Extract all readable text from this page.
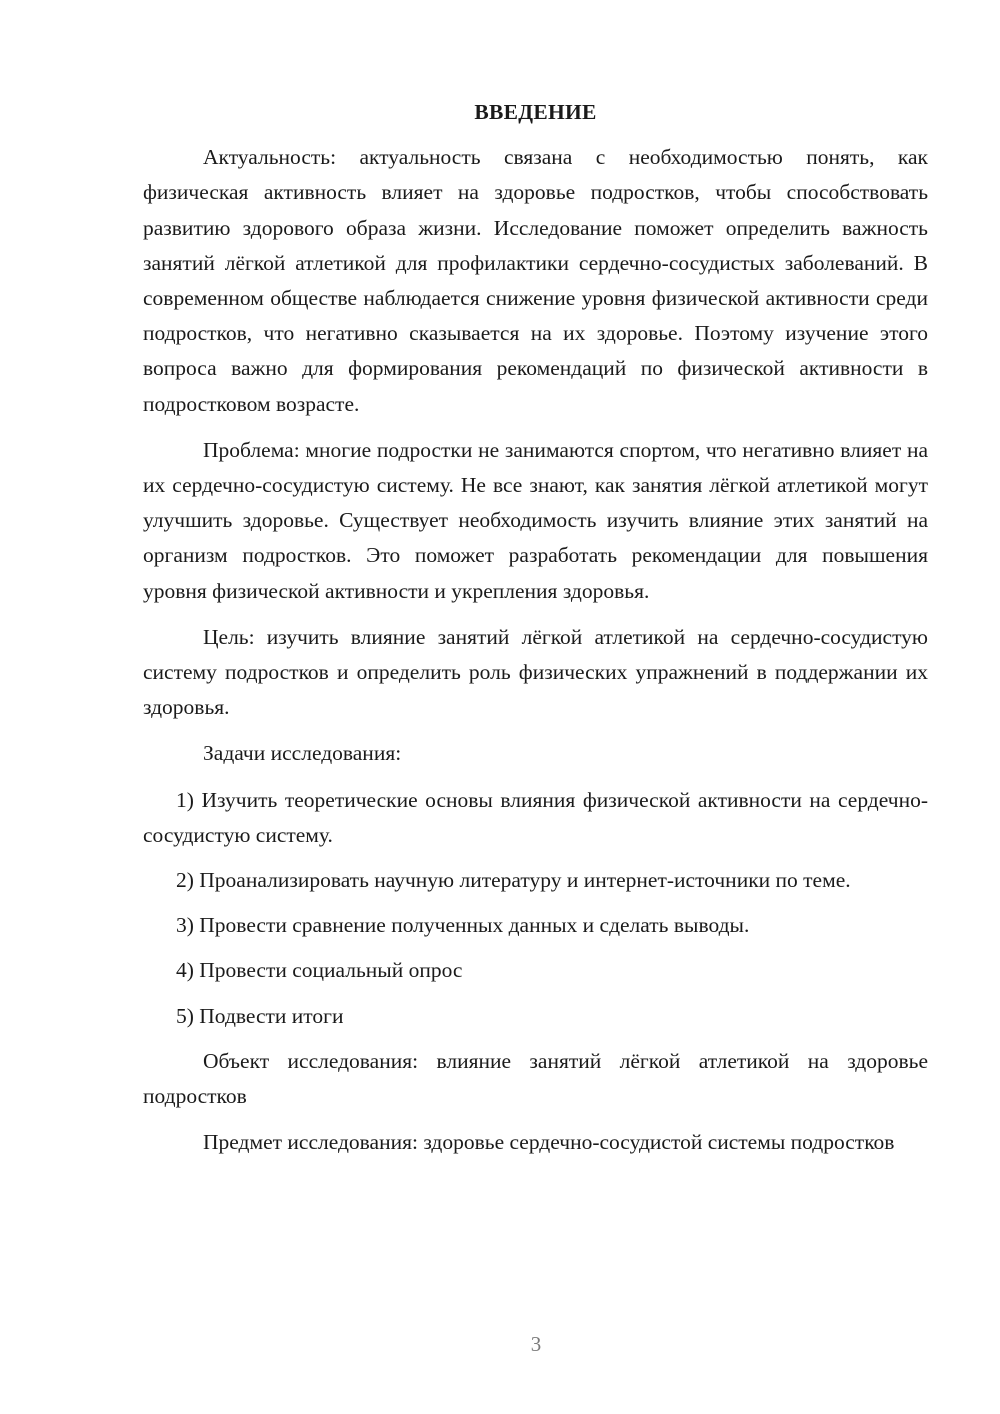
ВВЕДЕНИЕ

Актуальность: актуальность связана с необходимостью понять, как физическая активность влияет на здоровье подростков, чтобы способствовать развитию здорового образа жизни. Исследование поможет определить важность занятий лёгкой атлетикой для профилактики сердечно-сосудистых заболеваний. В современном обществе наблюдается снижение уровня физической активности среди подростков, что негативно сказывается на их здоровье. Поэтому изучение этого вопроса важно для формирования рекомендаций по физической активности в подростковом возрасте.

Проблема: многие подростки не занимаются спортом, что негативно влияет на их сердечно-сосудистую систему. Не все знают, как занятия лёгкой атлетикой могут улучшить здоровье. Существует необходимость изучить влияние этих занятий на организм подростков. Это поможет разработать рекомендации для повышения уровня физической активности и укрепления здоровья.

Цель: изучить влияние занятий лёгкой атлетикой на сердечно-сосудистую систему подростков и определить роль физических упражнений в поддержании их здоровья.

Задачи исследования:

1) Изучить теоретические основы влияния физической активности на сердечно-сосудистую систему.

2) Проанализировать научную литературу и интернет-источники по теме.

3) Провести сравнение полученных данных и сделать выводы.

4) Провести социальный опрос

5) Подвести итоги

Объект исследования: влияние занятий лёгкой атлетикой на здоровье подростков

Предмет исследования: здоровье сердечно-сосудистой системы подростков

3
